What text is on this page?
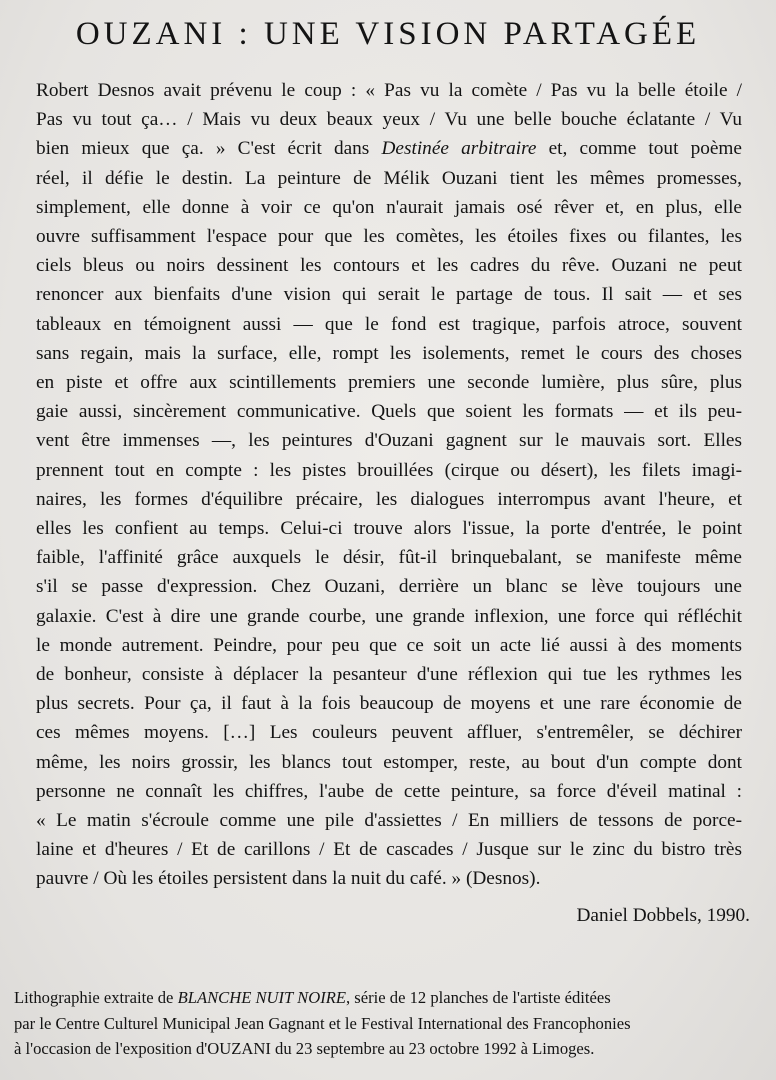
OUZANI : UNE VISION PARTAGÉE
Robert Desnos avait prévenu le coup : « Pas vu la comète / Pas vu la belle étoile /
Pas vu tout ça… / Mais vu deux beaux yeux / Vu une belle bouche éclatante / Vu
bien mieux que ça. » C'est écrit dans Destinée arbitraire et, comme tout poème
réel, il défie le destin. La peinture de Mélik Ouzani tient les mêmes promesses,
simplement, elle donne à voir ce qu'on n'aurait jamais osé rêver et, en plus, elle
ouvre suffisamment l'espace pour que les comètes, les étoiles fixes ou filantes, les
ciels bleus ou noirs dessinent les contours et les cadres du rêve. Ouzani ne peut
renoncer aux bienfaits d'une vision qui serait le partage de tous. Il sait — et ses
tableaux en témoignent aussi — que le fond est tragique, parfois atroce, souvent
sans regain, mais la surface, elle, rompt les isolements, remet le cours des choses
en piste et offre aux scintillements premiers une seconde lumière, plus sûre, plus
gaie aussi, sincèrement communicative. Quels que soient les formats — et ils peu-
vent être immenses —, les peintures d'Ouzani gagnent sur le mauvais sort. Elles
prennent tout en compte : les pistes brouillées (cirque ou désert), les filets imagi-
naires, les formes d'équilibre précaire, les dialogues interrompus avant l'heure, et
elles les confient au temps. Celui-ci trouve alors l'issue, la porte d'entrée, le point
faible, l'affinité grâce auxquels le désir, fût-il brinquebalant, se manifeste même
s'il se passe d'expression. Chez Ouzani, derrière un blanc se lève toujours une
galaxie. C'est à dire une grande courbe, une grande inflexion, une force qui réfléchit
le monde autrement. Peindre, pour peu que ce soit un acte lié aussi à des moments
de bonheur, consiste à déplacer la pesanteur d'une réflexion qui tue les rythmes les
plus secrets. Pour ça, il faut à la fois beaucoup de moyens et une rare économie de
ces mêmes moyens. […] Les couleurs peuvent affluer, s'entremêler, se déchirer
même, les noirs grossir, les blancs tout estomper, reste, au bout d'un compte dont
personne ne connaît les chiffres, l'aube de cette peinture, sa force d'éveil matinal :
« Le matin s'écroule comme une pile d'assiettes / En milliers de tessons de porce-
laine et d'heures / Et de carillons / Et de cascades / Jusque sur le zinc du bistro très
pauvre / Où les étoiles persistent dans la nuit du café. » (Desnos).

Daniel Dobbels, 1990.

Lithographie extraite de BLANCHE NUIT NOIRE, série de 12 planches de l'artiste éditées
par le Centre Culturel Municipal Jean Gagnant et le Festival International des Francophonies
à l'occasion de l'exposition d'OUZANI du 23 septembre au 23 octobre 1992 à Limoges.
